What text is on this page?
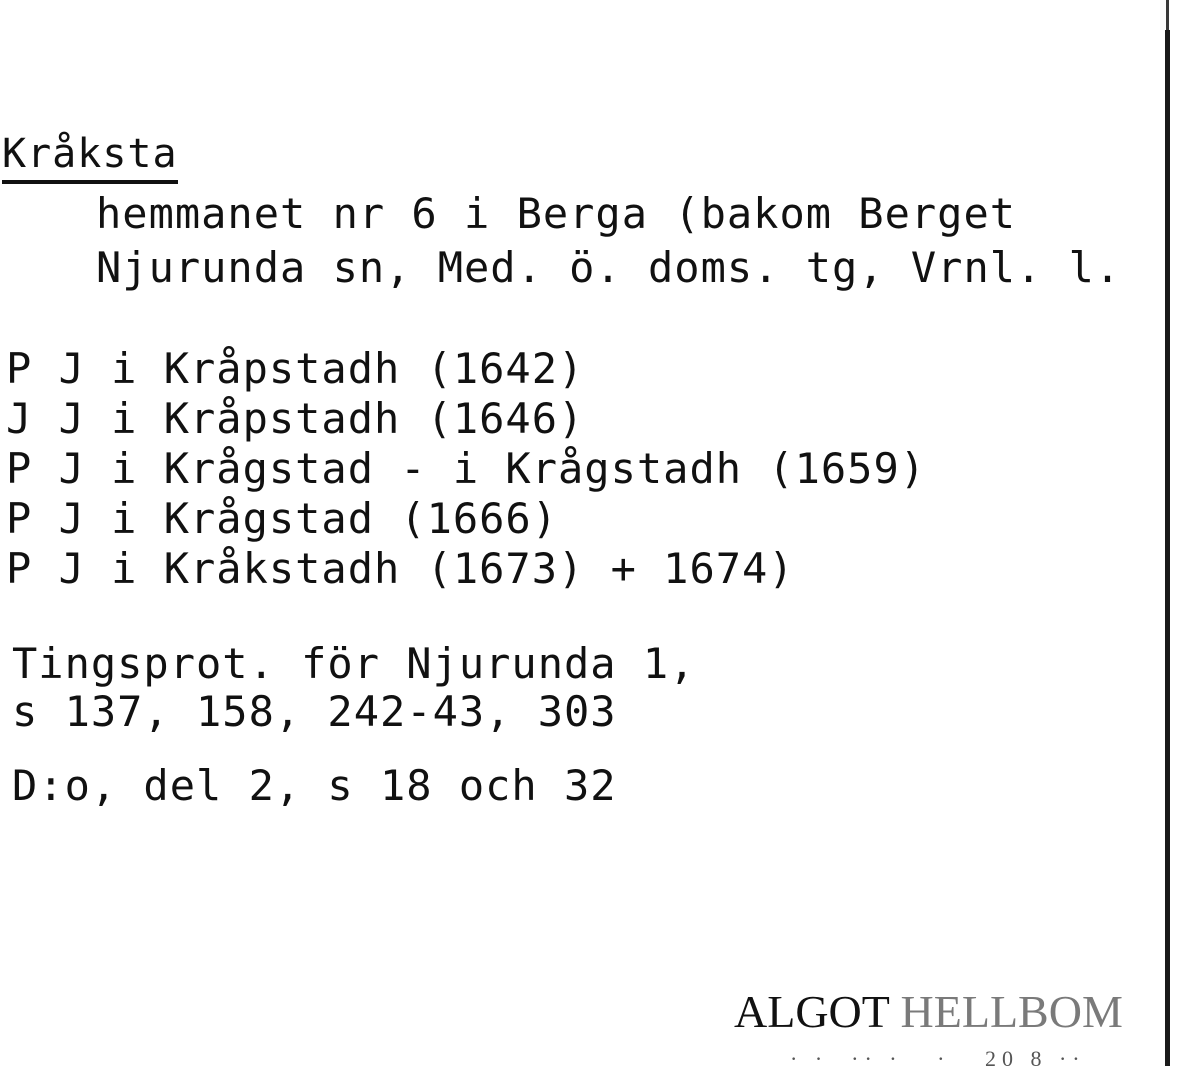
Kråksta
hemmanet nr 6 i Berga (bakom Berget
Njurunda sn, Med. ö. doms. tg, Vrnl. l.
P J i Kråpstadh (1642)
J J i Kråpstadh (1646)
P J i Krågstad - i Krågstadh (1659)
P J i Krågstad (1666)
P J i Kråkstadh (1673) + 1674)
Tingsprot. för Njurunda 1,
s 137, 158, 242-43, 303
D:o, del 2, s 18 och 32
ALGOT HELLBOM
· ·  ·· ·   ·   20 8 ··
